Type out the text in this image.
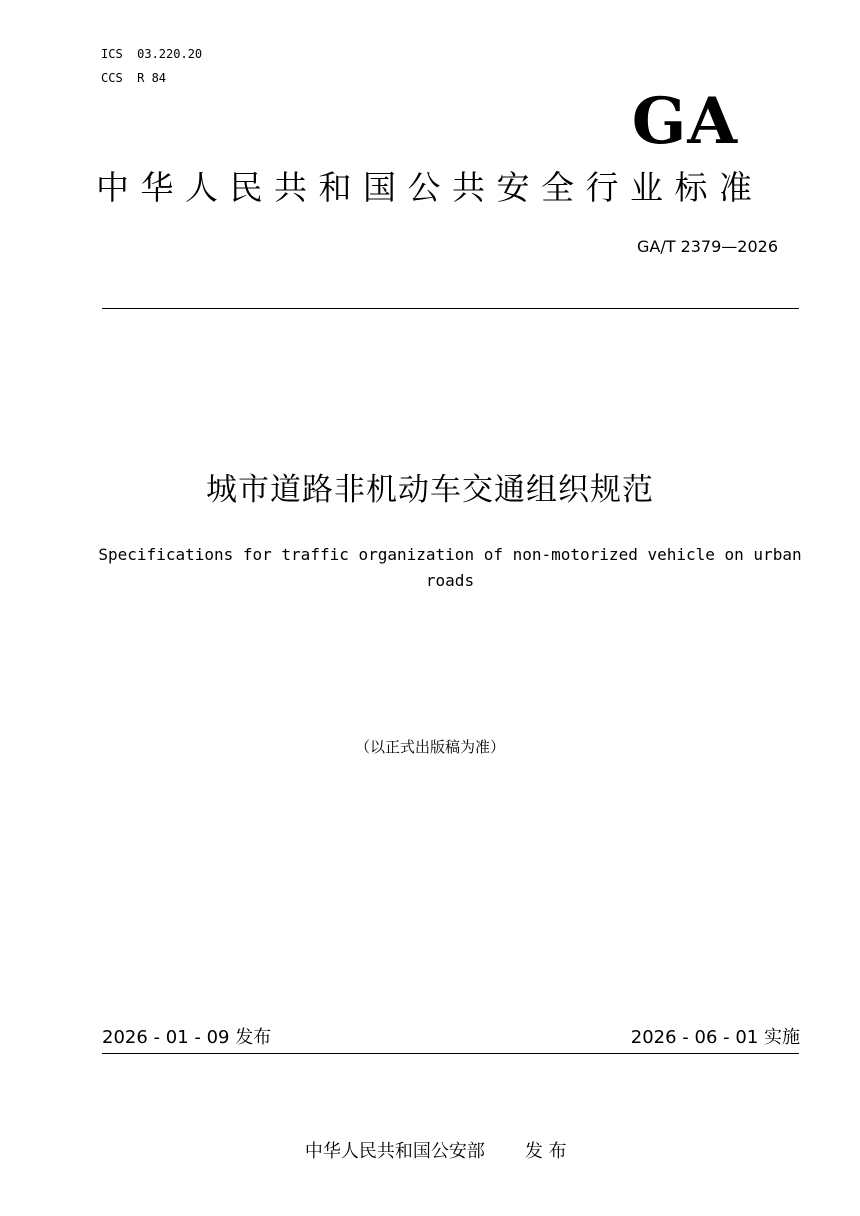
ICS  03.220.20
CCS  R 84
GA
中华人民共和国公共安全行业标准
GA/T 2379—2026
城市道路非机动车交通组织规范
Specifications for traffic organization of non-motorized vehicle on urban roads
（以正式出版稿为准）
2026 - 01 - 09 发布	2026 - 06 - 01 实施

中华人民共和国公安部 发 布
